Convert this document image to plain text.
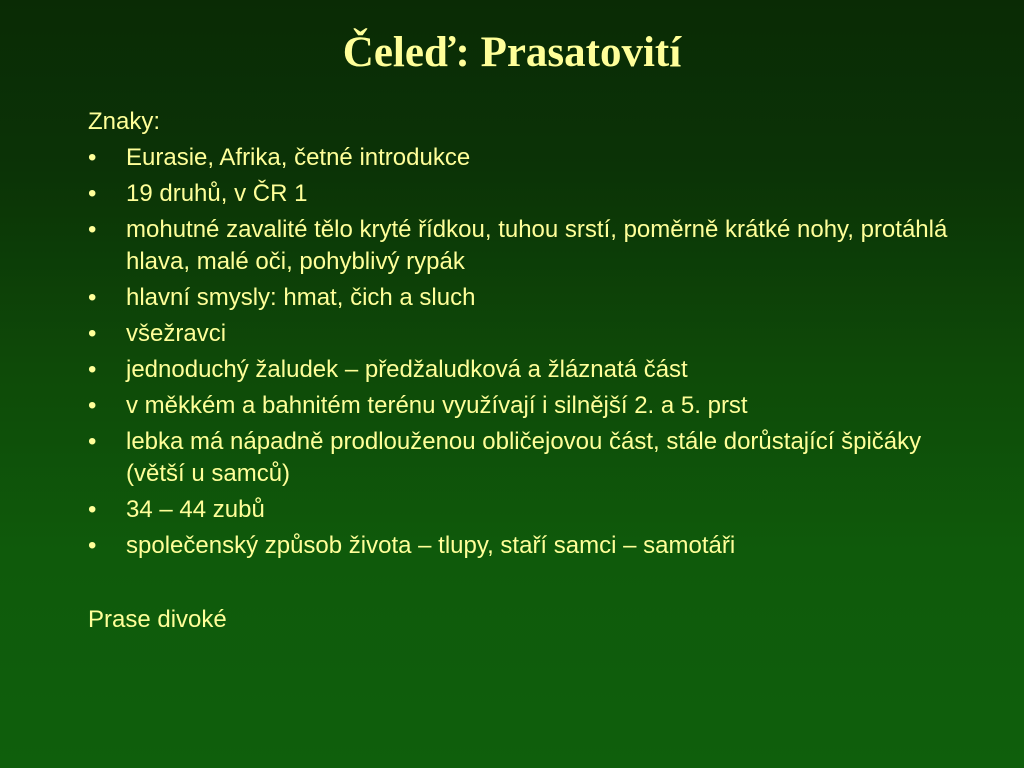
Čeleď: Prasatovití
Znaky:
• Eurasie, Afrika, četné introdukce
• 19 druhů, v ČR 1
• mohutné zavalité tělo kryté řídkou, tuhou srstí, poměrně krátké nohy, protáhlá hlava, malé oči, pohyblivý rypák
• hlavní smysly: hmat, čich a sluch
• všežravci
• jednoduchý žaludek – předžaludková a žláznatá část
• v měkkém a bahnitém terénu využívají i silnější 2. a 5. prst
• lebka má nápadně prodlouženou obličejovou část, stále dorůstající špičáky (větší u samců)
• 34 – 44 zubů
• společenský způsob života – tlupy, staří samci – samotáři
Prase divoké
